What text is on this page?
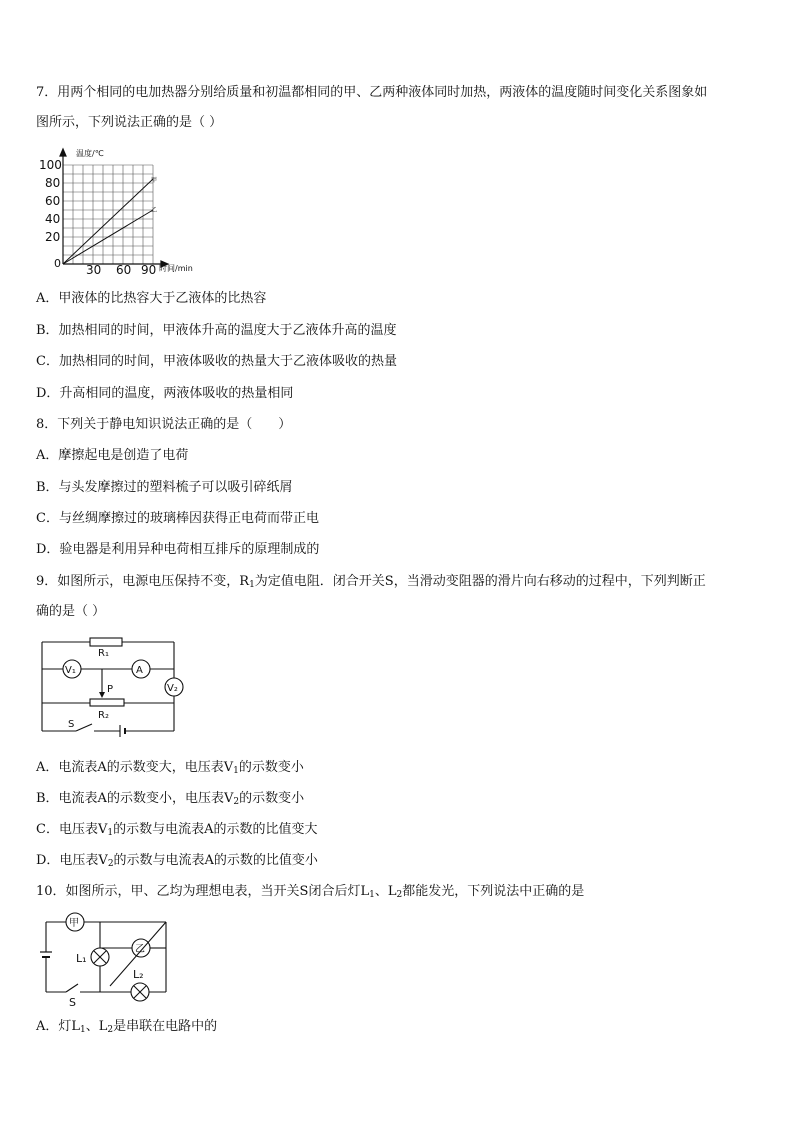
7．用两个相同的电加热器分别给质量和初温都相同的甲、乙两种液体同时加热，两液体的温度随时间变化关系图象如
图所示，下列说法正确的是（ ）
甲
乙
温度/℃
时间/min
0
100
80
60
40
20
30 60 90
A．甲液体的比热容大于乙液体的比热容
B．加热相同的时间，甲液体升高的温度大于乙液体升高的温度
C．加热相同的时间，甲液体吸收的热量大于乙液体吸收的热量
D．升高相同的温度，两液体吸收的热量相同
8．下列关于静电知识说法正确的是（　　）
A．摩擦起电是创造了电荷
B．与头发摩擦过的塑料梳子可以吸引碎纸屑
C．与丝绸摩擦过的玻璃棒因获得正电荷而带正电
D．验电器是利用异种电荷相互排斥的原理制成的
9．如图所示，电源电压保持不变，$R_1$为定值电阻．闭合开关S，当滑动变阻器的滑片向右移动的过程中，下列判断正
确的是（ ）
R₁
R₂
V₁	A
V₂
P
S
A．电流表A的示数变大，电压表$V_1$的示数变小
B．电流表A的示数变小，电压表$V_2$的示数变小
C．电压表$V_1$的示数与电流表A的示数的比值变大
D．电压表$V_2$的示数与电流表A的示数的比值变小
10．如图所示，甲、乙均为理想电表，当开关S闭合后灯$L_1$、$L_2$都能发光，下列说法中正确的是
甲
乙
L₁
L₂
S
A．灯$L_1$、$L_2$是串联在电路中的
